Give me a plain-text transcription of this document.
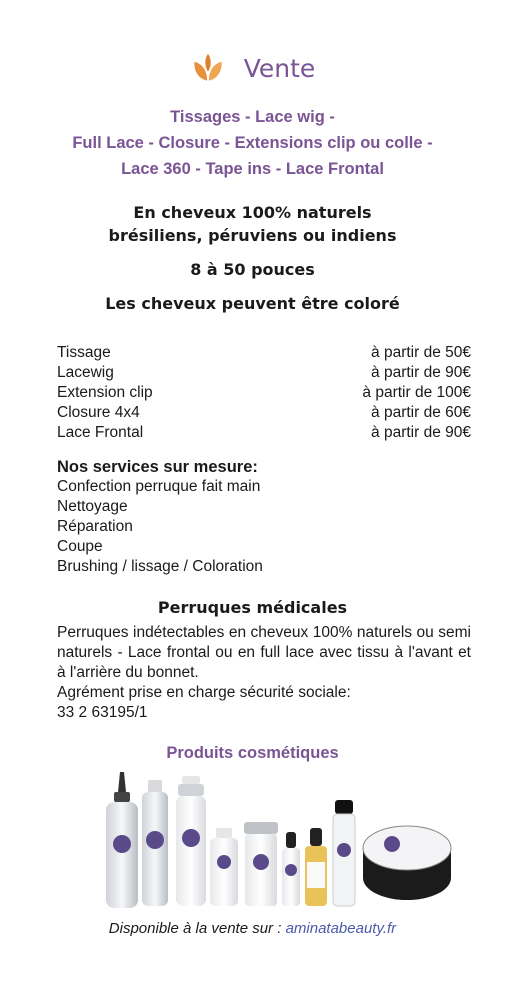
Vente
Tissages - Lace wig -
Full Lace - Closure - Extensions clip ou colle -
Lace 360 - Tape ins - Lace Frontal
En cheveux 100% naturels
brésiliens, péruviens ou indiens
8 à 50 pouces
Les cheveux peuvent être coloré
Tissage	à partir de 50€
Lacewig	à partir de 90€
Extension clip	à partir de 100€
Closure 4x4	à partir de 60€
Lace Frontal	à partir de 90€
Nos services sur mesure:
Confection perruque fait main
Nettoyage
Réparation
Coupe
Brushing / lissage / Coloration
Perruques médicales

Perruques indétectables en cheveux 100% naturels ou semi naturels - Lace frontal ou en full lace avec tissu à l'avant et à l'arrière du bonnet.

Agrément prise en charge sécurité sociale:

33 2 63195/1

Produits cosmétiques
Disponible à la vente sur : aminatabeauty.fr
